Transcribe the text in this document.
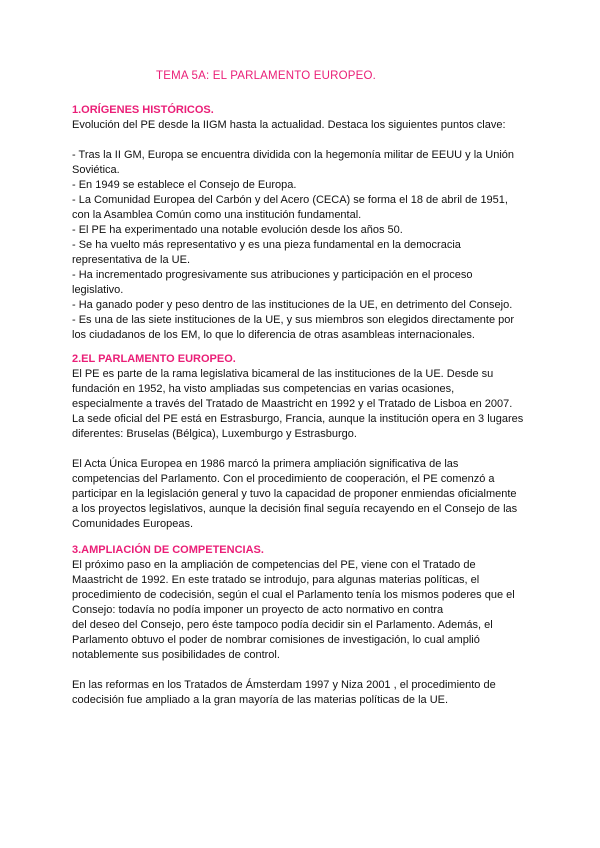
TEMA 5A: EL PARLAMENTO EUROPEO.

1.ORÍGENES HISTÓRICOS.

Evolución del PE desde la IIGM hasta la actualidad. Destaca los siguientes puntos clave:

- Tras la II GM, Europa se encuentra dividida con la hegemonía militar de EEUU y la Unión

Soviética.

- En 1949 se establece el Consejo de Europa.

- La Comunidad Europea del Carbón y del Acero (CECA) se forma el 18 de abril de 1951,

con la Asamblea Común como una institución fundamental.

- El PE ha experimentado una notable evolución desde los años 50.

- Se ha vuelto más representativo y es una pieza fundamental en la democracia

representativa de la UE.

- Ha incrementado progresivamente sus atribuciones y participación en el proceso

legislativo.

- Ha ganado poder y peso dentro de las instituciones de la UE, en detrimento del Consejo.

- Es una de las siete instituciones de la UE, y sus miembros son elegidos directamente por

los ciudadanos de los EM, lo que lo diferencia de otras asambleas internacionales.

2.EL PARLAMENTO EUROPEO.

El PE es parte de la rama legislativa bicameral de las instituciones de la UE. Desde su

fundación en 1952, ha visto ampliadas sus competencias en varias ocasiones,

especialmente a través del Tratado de Maastricht en 1992 y el Tratado de Lisboa en 2007.

La sede oficial del PE está en Estrasburgo, Francia, aunque la institución opera en 3 lugares

diferentes: Bruselas (Bélgica), Luxemburgo y Estrasburgo.

El Acta Única Europea en 1986 marcó la primera ampliación significativa de las

competencias del Parlamento. Con el procedimiento de cooperación, el PE comenzó a

participar en la legislación general y tuvo la capacidad de proponer enmiendas oficialmente

a los proyectos legislativos, aunque la decisión final seguía recayendo en el Consejo de las

Comunidades Europeas.

3.AMPLIACIÓN DE COMPETENCIAS.

El próximo paso en la ampliación de competencias del PE, viene con el Tratado de

Maastricht de 1992. En este tratado se introdujo, para algunas materias políticas, el

procedimiento de codecisión, según el cual el Parlamento tenía los mismos poderes que el

Consejo: todavía no podía imponer un proyecto de acto normativo en contra

del deseo del Consejo, pero éste tampoco podía decidir sin el Parlamento. Además, el

Parlamento obtuvo el poder de nombrar comisiones de investigación, lo cual amplió

notablemente sus posibilidades de control.

En las reformas en los Tratados de Ámsterdam 1997 y Niza 2001 , el procedimiento de

codecisión fue ampliado a la gran mayoría de las materias políticas de la UE.
